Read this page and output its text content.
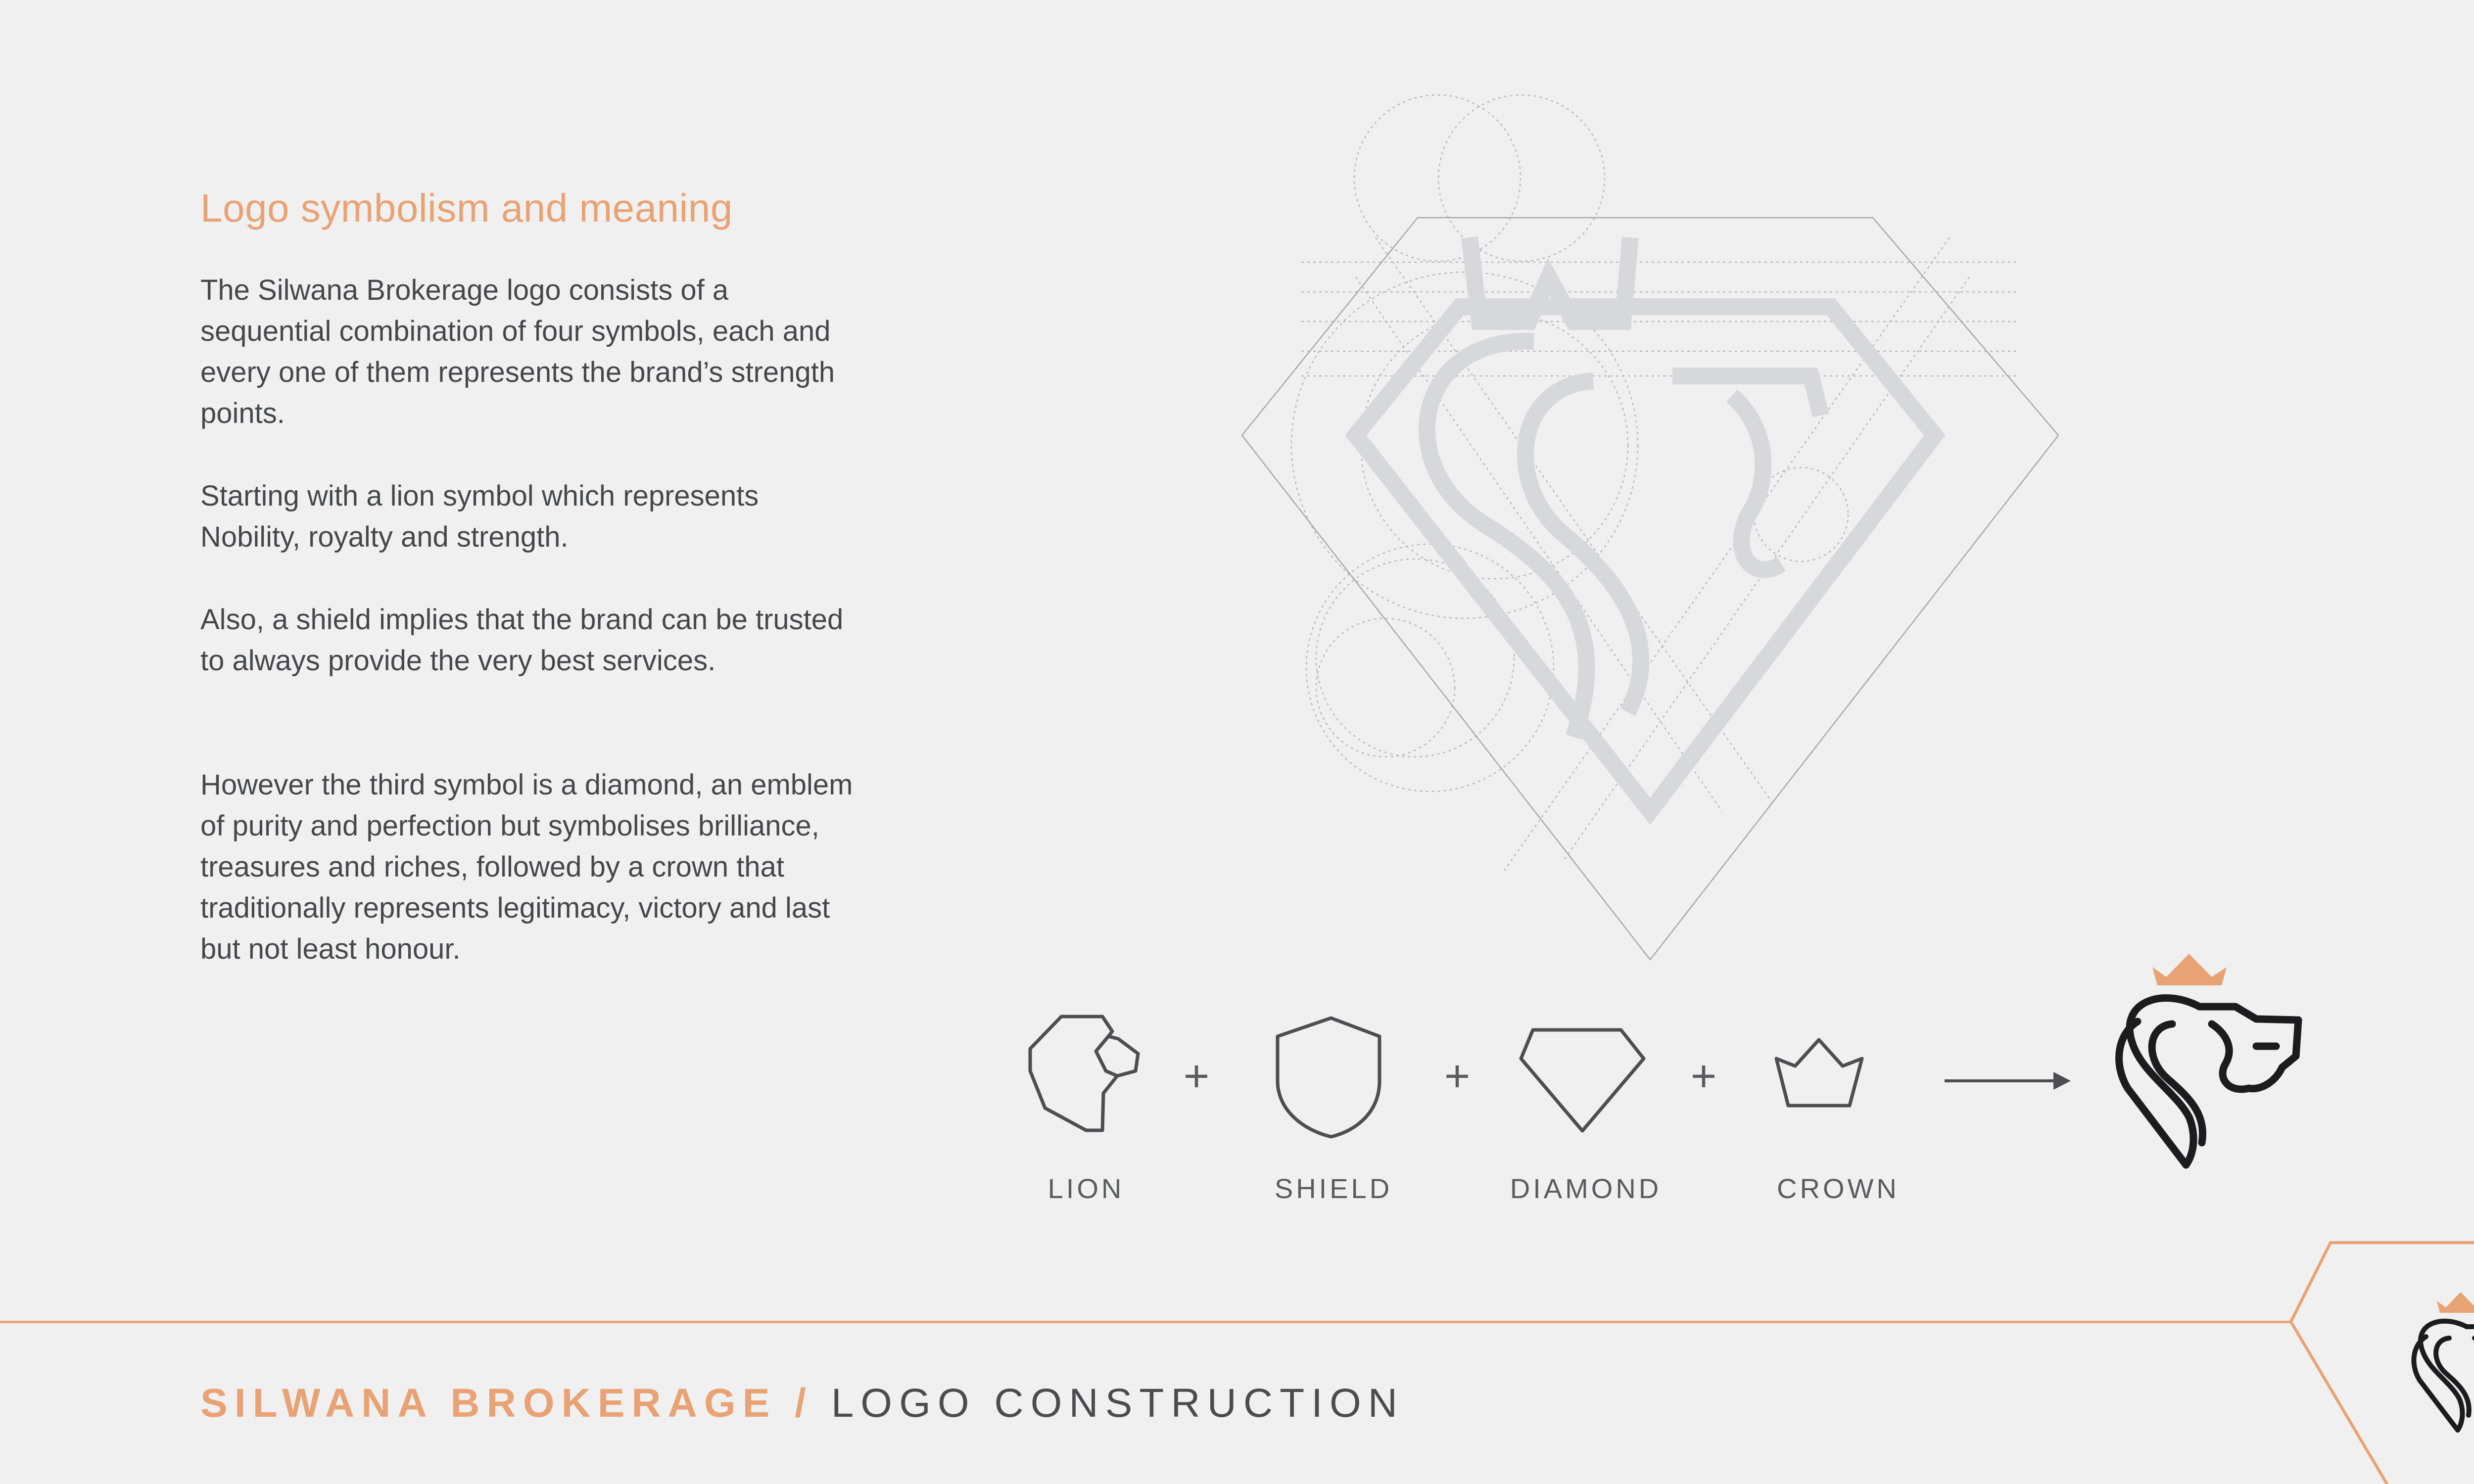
Logo symbolism and meaning

The Silwana Brokerage logo consists of a sequential combination of four symbols, each and every one of them represents the brand’s strength points.

Starting with a lion symbol which represents Nobility, royalty and strength.

Also, a shield implies that the brand can be trusted to always provide the very best services.

However the third symbol is a diamond, an emblem of purity and perfection but symbolises brilliance, treasures and riches, followed by a crown that traditionally represents legitimacy, victory and last but not least honour.

+	+	+
LION	SHIELD	DIAMOND	CROWN
SILWANA BROKERAGE / LOGO CONSTRUCTION
